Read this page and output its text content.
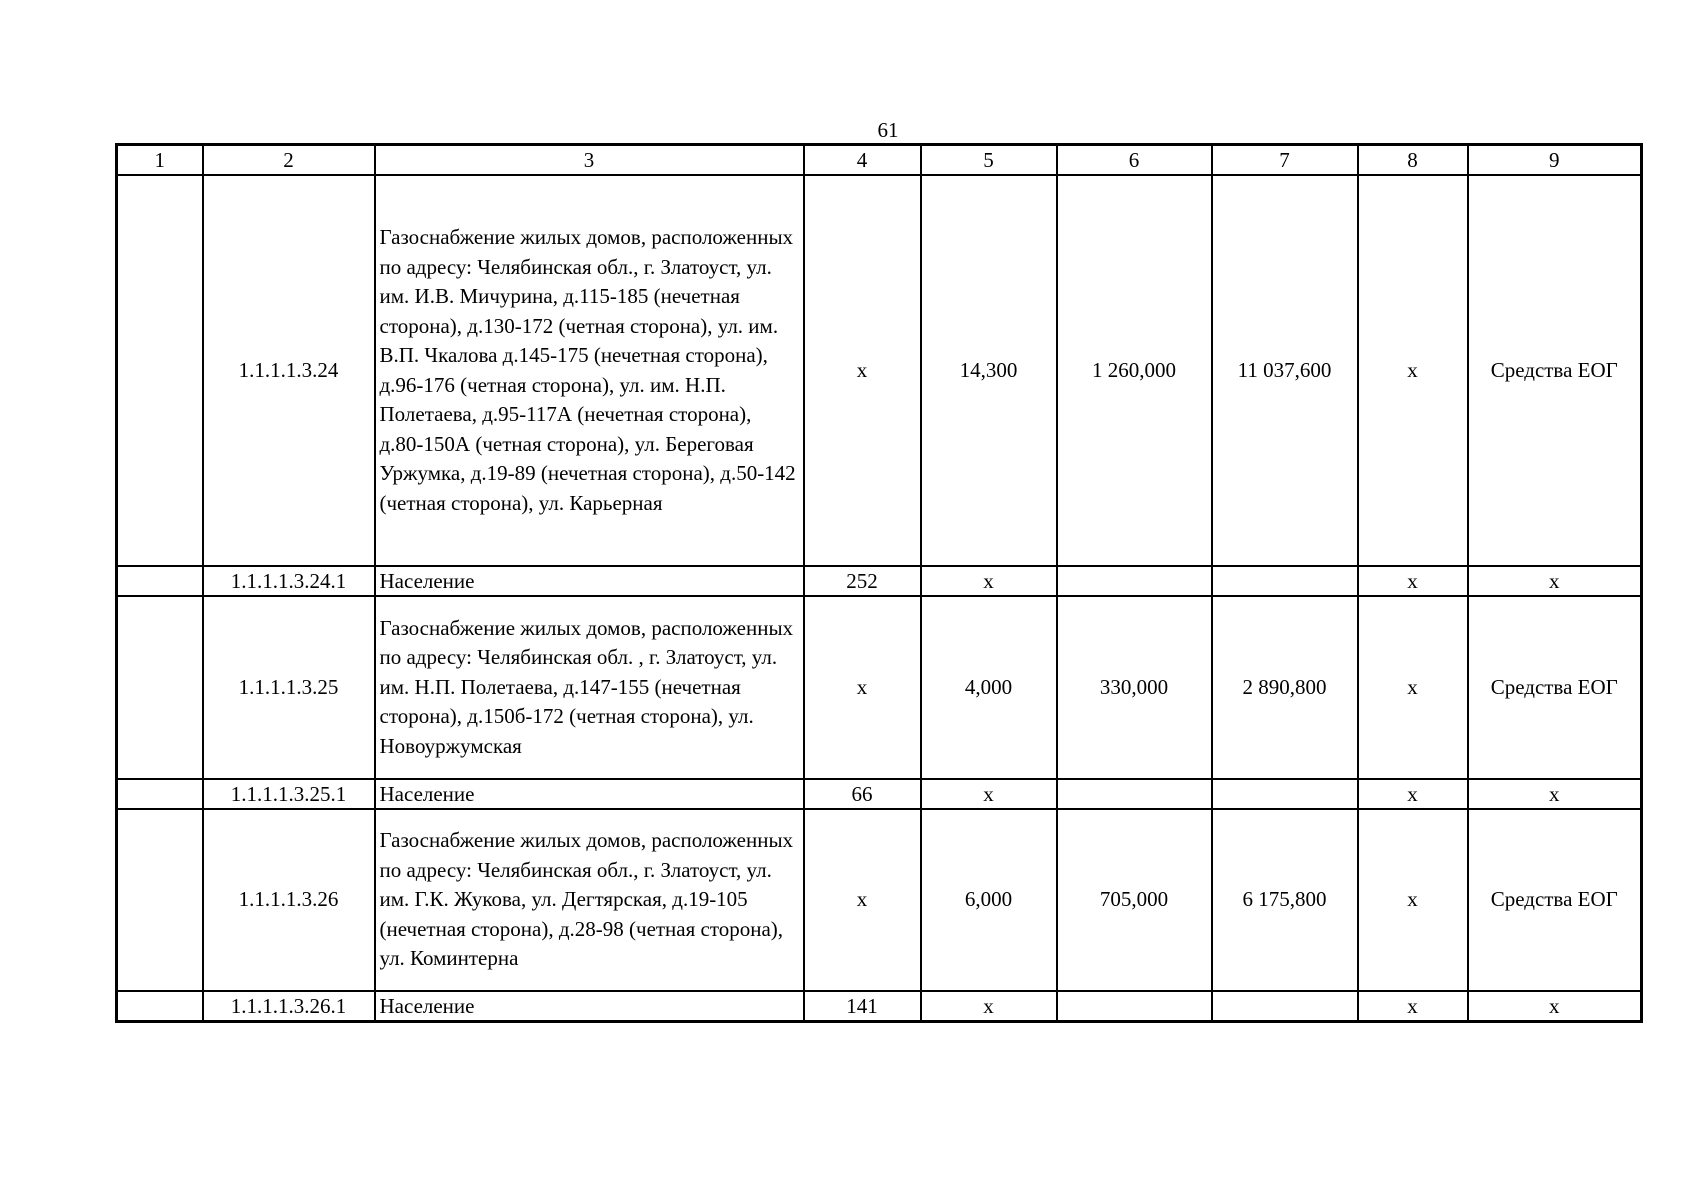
61
1	2	3	4	5	6	7	8	9
	1.1.1.1.3.24	Газоснабжение жилых домов, расположенных по адресу: Челябинская обл., г. Златоуст, ул. им. И.В. Мичурина, д.115-185 (нечетная сторона), д.130-172 (четная сторона), ул. им. В.П. Чкалова д.145-175 (нечетная сторона), д.96-176 (четная сторона), ул. им. Н.П. Полетаева, д.95-117А (нечетная сторона), д.80-150А (четная сторона), ул. Береговая Уржумка, д.19-89 (нечетная сторона), д.50-142 (четная сторона), ул. Карьерная	х	14,300	1 260,000	11 037,600	х	Средства ЕОГ
	1.1.1.1.3.24.1	Население	252	х			х	х
	1.1.1.1.3.25	Газоснабжение жилых домов, расположенных по адресу: Челябинская обл. , г. Златоуст, ул. им. Н.П. Полетаева, д.147-155 (нечетная сторона), д.150б-172 (четная сторона), ул. Новоуржумская	х	4,000	330,000	2 890,800	х	Средства ЕОГ
	1.1.1.1.3.25.1	Население	66	х			х	х
	1.1.1.1.3.26	Газоснабжение жилых домов, расположенных по адресу: Челябинская обл., г. Златоуст, ул. им. Г.К. Жукова, ул. Дегтярская, д.19-105 (нечетная сторона), д.28-98 (четная сторона), ул. Коминтерна	х	6,000	705,000	6 175,800	х	Средства ЕОГ
	1.1.1.1.3.26.1	Население	141	х			х	х
